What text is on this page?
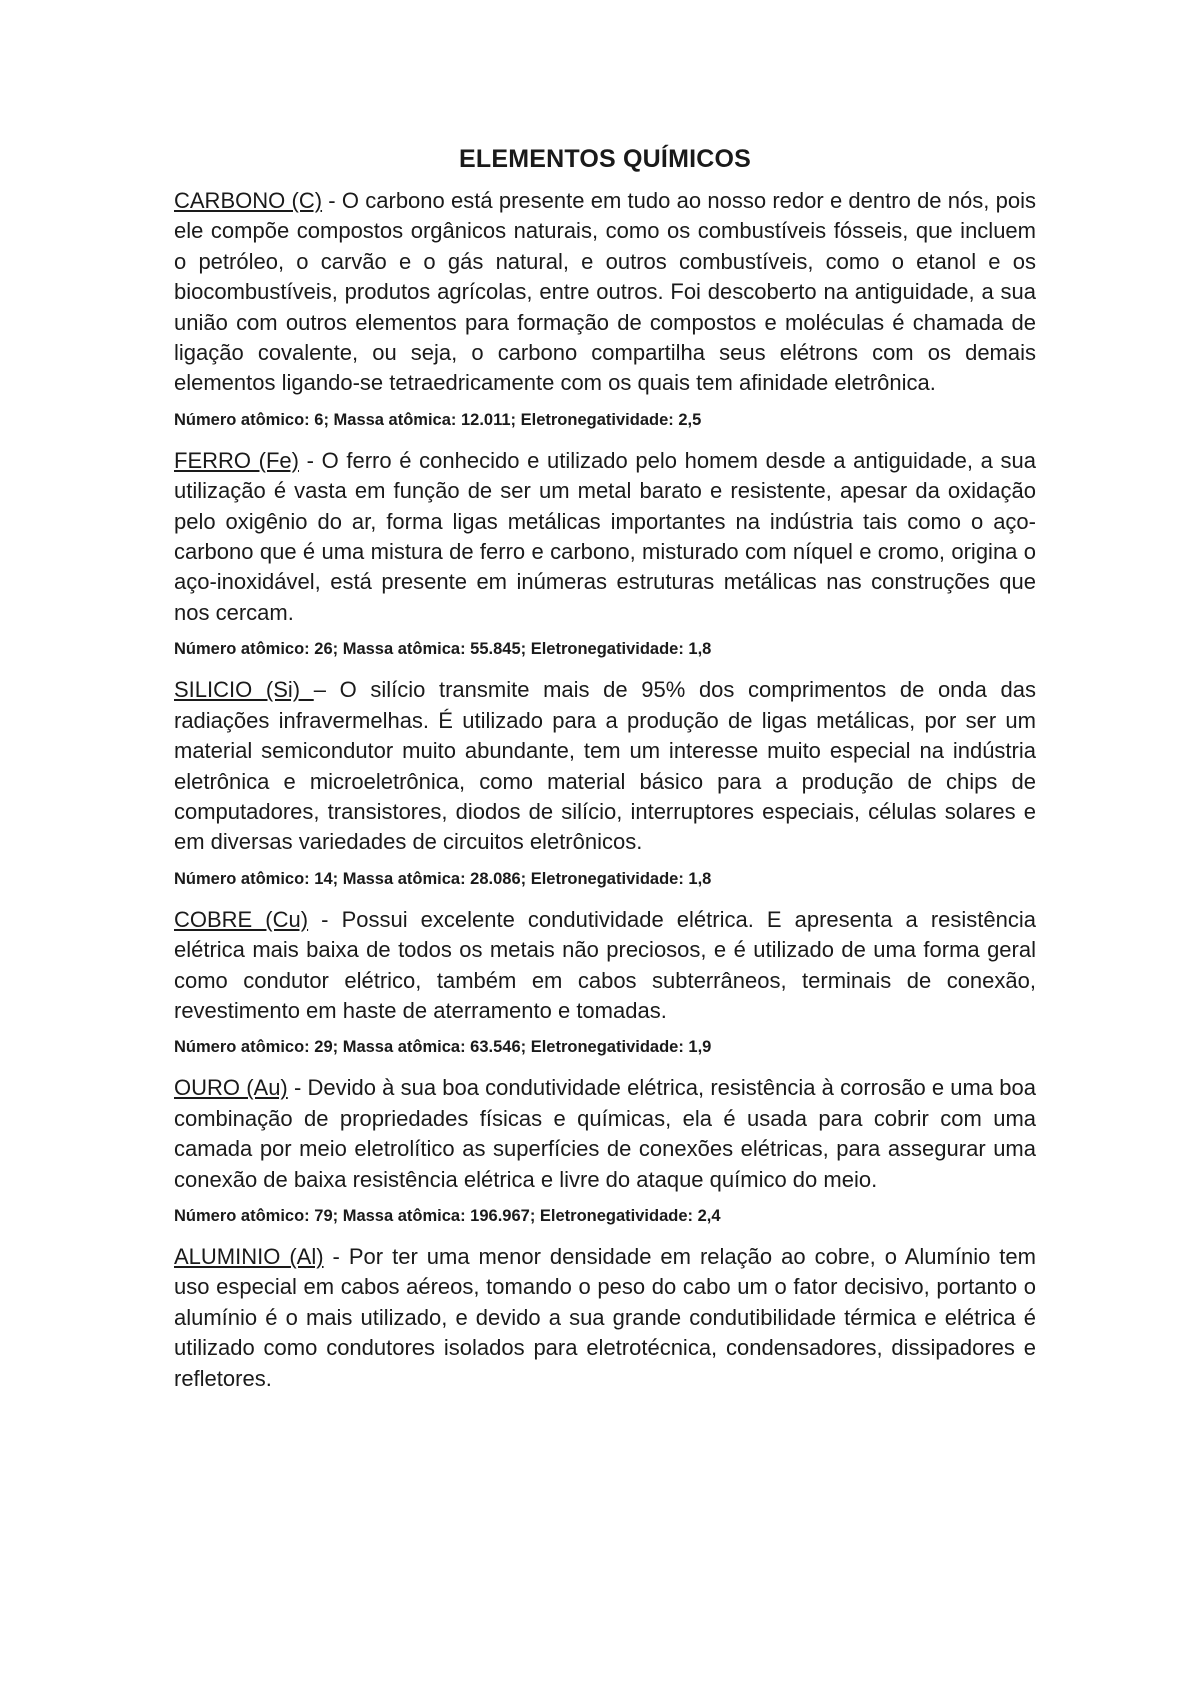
ELEMENTOS QUÍMICOS

CARBONO (C) - O carbono está presente em tudo ao nosso redor e dentro de nós, pois ele compõe compostos orgânicos naturais, como os combustíveis fósseis, que incluem o petróleo, o carvão e o gás natural, e outros combustíveis, como o etanol e os biocombustíveis, produtos agrícolas, entre outros. Foi descoberto na antiguidade, a sua união com outros elementos para formação de compostos e moléculas é chamada de ligação covalente, ou seja, o carbono compartilha seus elétrons com os demais elementos ligando-se tetraedricamente com os quais tem afinidade eletrônica.

Número atômico: 6; Massa atômica: 12.011; Eletronegatividade: 2,5

FERRO (Fe) - O ferro é conhecido e utilizado pelo homem desde a antiguidade, a sua utilização é vasta em função de ser um metal barato e resistente, apesar da oxidação pelo oxigênio do ar, forma ligas metálicas importantes na indústria tais como o aço-carbono que é uma mistura de ferro e carbono, misturado com níquel e cromo, origina o aço-inoxidável, está presente em inúmeras estruturas metálicas nas construções que nos cercam.

Número atômico: 26; Massa atômica: 55.845; Eletronegatividade: 1,8

SILICIO (Si) – O silício transmite mais de 95% dos comprimentos de onda das radiações infravermelhas. É utilizado para a produção de ligas metálicas, por ser um material semicondutor muito abundante, tem um interesse muito especial na indústria eletrônica e microeletrônica, como material básico para a produção de chips de computadores, transistores, diodos de silício, interruptores especiais, células solares e em diversas variedades de circuitos eletrônicos.

Número atômico: 14; Massa atômica: 28.086; Eletronegatividade: 1,8

COBRE (Cu) - Possui excelente condutividade elétrica. E apresenta a resistência elétrica mais baixa de todos os metais não preciosos, e é utilizado de uma forma geral como condutor elétrico, também em cabos subterrâneos, terminais de conexão, revestimento em haste de aterramento e tomadas.

Número atômico: 29; Massa atômica: 63.546; Eletronegatividade: 1,9

OURO (Au) - Devido à sua boa condutividade elétrica, resistência à corrosão e uma boa combinação de propriedades físicas e químicas, ela é usada para cobrir com uma camada por meio eletrolítico as superfícies de conexões elétricas, para assegurar uma conexão de baixa resistência elétrica e livre do ataque químico do meio.

Número atômico: 79; Massa atômica: 196.967; Eletronegatividade: 2,4

ALUMINIO (Al) - Por ter uma menor densidade em relação ao cobre, o Alumínio tem uso especial em cabos aéreos, tomando o peso do cabo um o fator decisivo, portanto o alumínio é o mais utilizado, e devido a sua grande condutibilidade térmica e elétrica é utilizado como condutores isolados para eletrotécnica, condensadores, dissipadores e refletores.
